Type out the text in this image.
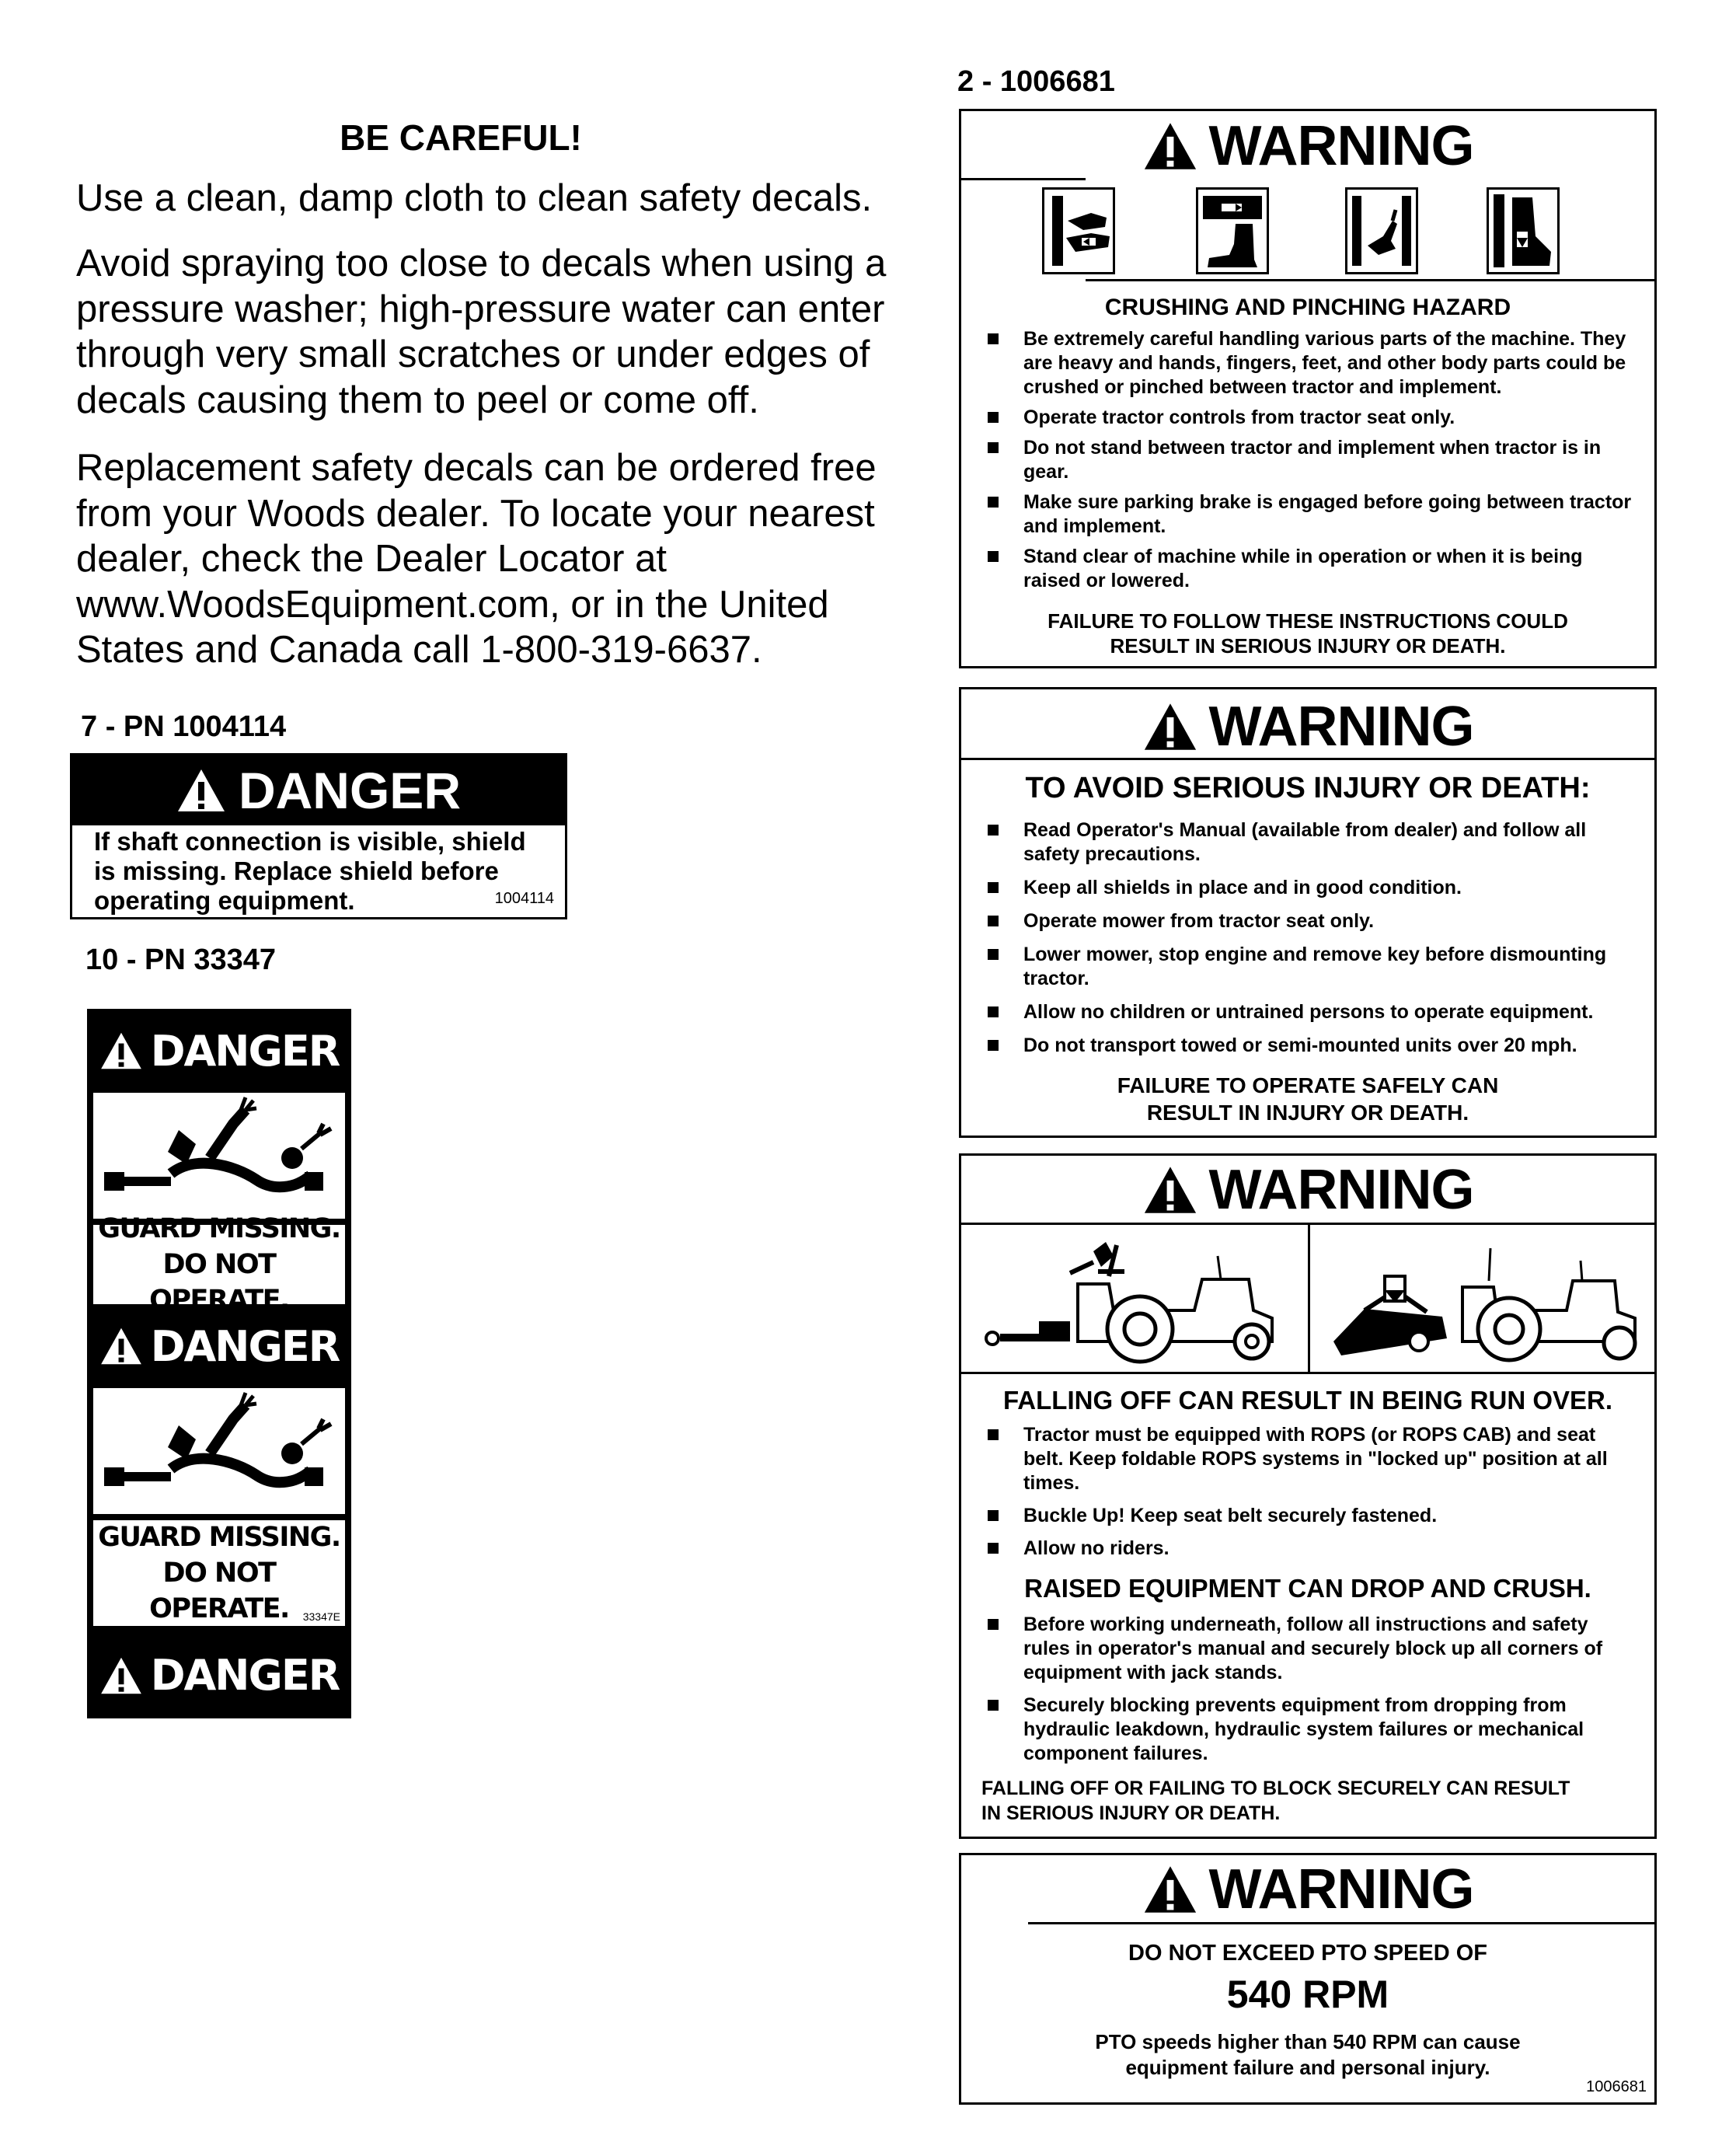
BE CAREFUL!
Use a clean, damp cloth to clean safety decals.
Avoid spraying too close to decals when using a
pressure washer; high-pressure water can enter
through very small scratches or under edges of
decals causing them to peel or come off.
Replacement safety decals can be ordered free
from your Woods dealer. To locate your nearest
dealer, check the Dealer Locator at
www.WoodsEquipment.com, or in the United
States and Canada call 1-800-319-6637.
7 - PN 1004114
DANGER
If shaft connection is visible, shield
is missing. Replace shield before
operating equipment.	1004114
10 - PN 33347
DANGER
GUARD MISSING.
DO NOT OPERATE.
DANGER
GUARD MISSING.
DO NOT OPERATE.	33347E
DANGER
2 - 1006681
WARNING
CRUSHING AND PINCHING HAZARD
Be extremely careful handling various parts of the machine. They are heavy and hands, fingers, feet, and other body parts could be crushed or pinched between tractor and implement.
Operate tractor controls from tractor seat only.
Do not stand between tractor and implement when tractor is in gear.
Make sure parking brake is engaged before going between tractor and implement.
Stand clear of machine while in operation or when it is being raised or lowered.
FAILURE TO FOLLOW THESE INSTRUCTIONS COULD
RESULT IN SERIOUS INJURY OR DEATH.
WARNING
TO AVOID SERIOUS INJURY OR DEATH:
Read Operator's Manual (available from dealer) and follow all safety precautions.
Keep all shields in place and in good condition.
Operate mower from tractor seat only.
Lower mower, stop engine and remove key before dismounting tractor.
Allow no children or untrained persons to operate equipment.
Do not transport towed or semi-mounted units over 20 mph.
FAILURE TO OPERATE SAFELY CAN
RESULT IN INJURY OR DEATH.
WARNING
FALLING OFF CAN RESULT IN BEING RUN OVER.
Tractor must be equipped with ROPS (or ROPS CAB) and seat belt. Keep foldable ROPS systems in "locked up" position at all times.
Buckle Up! Keep seat belt securely fastened.
Allow no riders.
RAISED EQUIPMENT CAN DROP AND CRUSH.
Before working underneath, follow all instructions and safety rules in operator's manual and securely block up all corners of equipment with jack stands.
Securely blocking prevents equipment from dropping from hydraulic leakdown, hydraulic system failures or mechanical component failures.
FALLING OFF OR FAILING TO BLOCK SECURELY CAN RESULT
IN SERIOUS INJURY OR DEATH.
WARNING
DO NOT EXCEED PTO SPEED OF
540 RPM
PTO speeds higher than 540 RPM can cause
equipment failure and personal injury.
1006681
